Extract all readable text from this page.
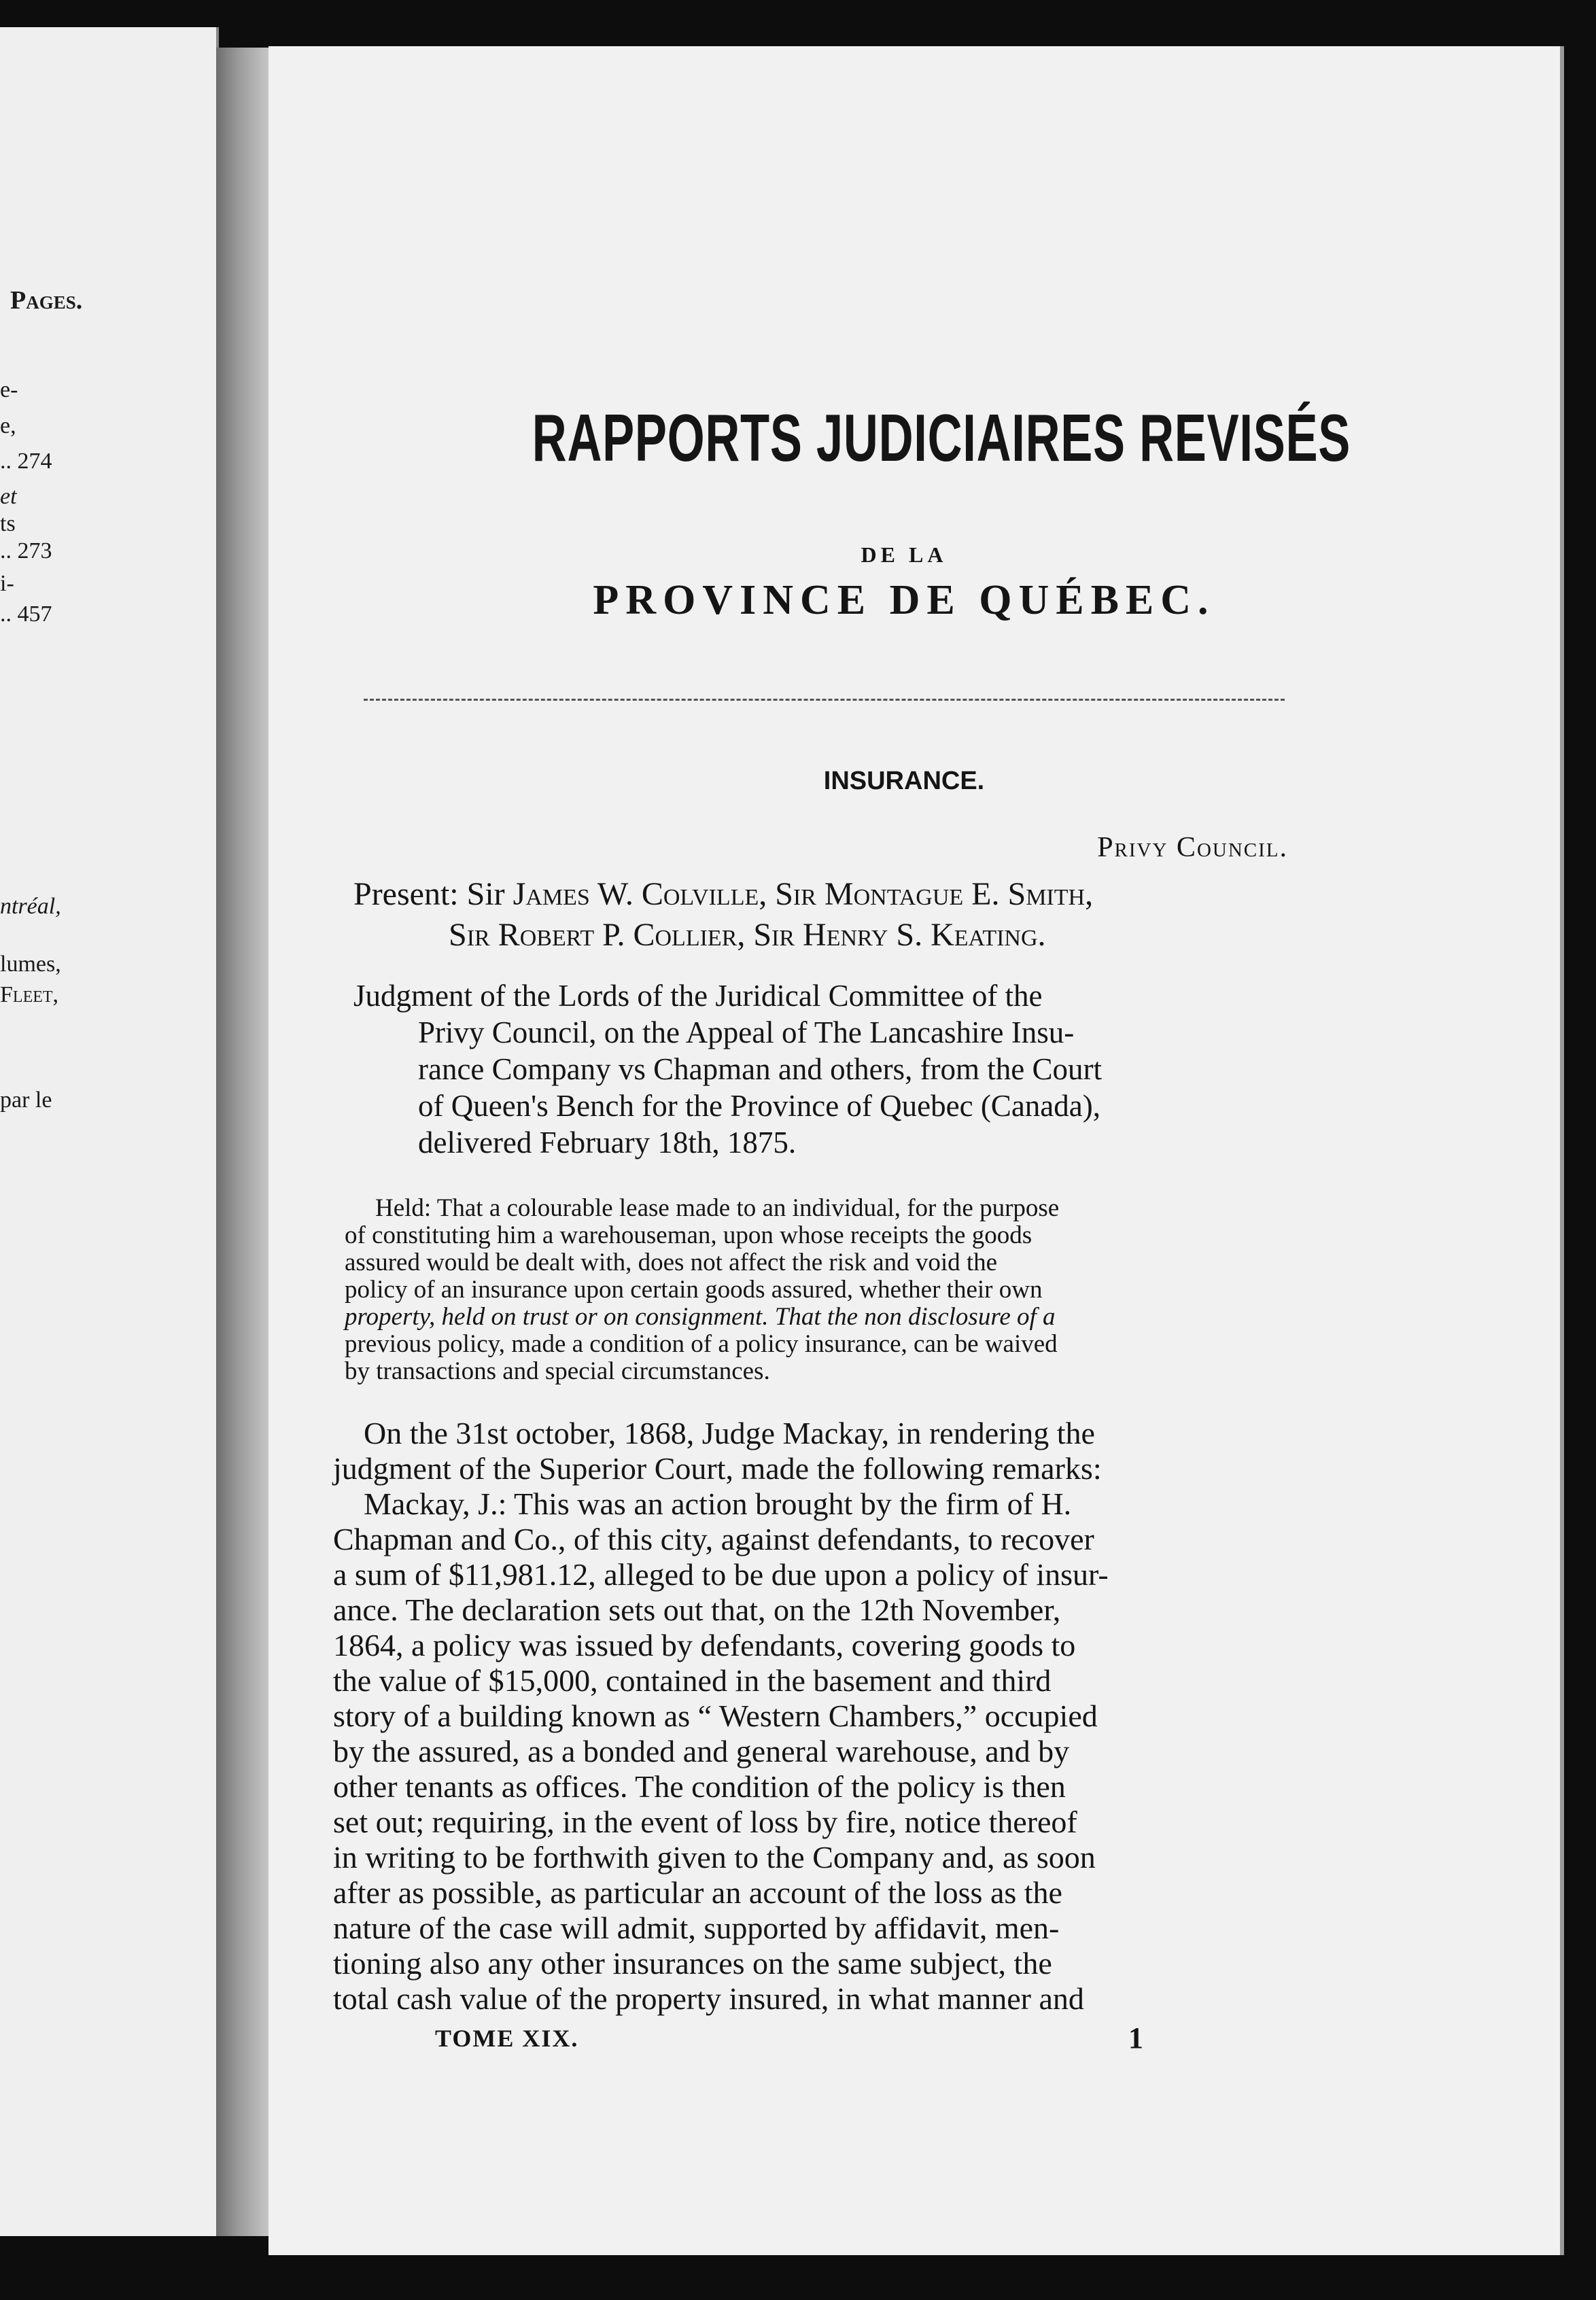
Pages.
e-
e,
.. 274
et
ts
.. 273
i-
.. 457
ntréal,
lumes,
Fleet,
par le
RAPPORTS JUDICIAIRES REVISÉS
DE LA
PROVINCE DE QUÉBEC.
INSURANCE.
Privy Council.
Present: Sir James W. Colville, Sir Montague E. Smith,
Sir Robert P. Collier, Sir Henry S. Keating.
Judgment of the Lords of the Juridical Committee of the
Privy Council, on the Appeal of The Lancashire Insu-
rance Company vs Chapman and others, from the Court
of Queen's Bench for the Province of Quebec (Canada),
delivered February 18th, 1875.
Held: That a colourable lease made to an individual, for the purpose
of constituting him a warehouseman, upon whose receipts the goods
assured would be dealt with, does not affect the risk and void the
policy of an insurance upon certain goods assured, whether their own
property, held on trust or on consignment. That the non disclosure of a
previous policy, made a condition of a policy insurance, can be waived
by transactions and special circumstances.
On the 31st october, 1868, Judge Mackay, in rendering the
judgment of the Superior Court, made the following remarks:
Mackay, J.: This was an action brought by the firm of H.
Chapman and Co., of this city, against defendants, to recover
a sum of $11,981.12, alleged to be due upon a policy of insur-
ance. The declaration sets out that, on the 12th November,
1864, a policy was issued by defendants, covering goods to
the value of $15,000, contained in the basement and third
story of a building known as “ Western Chambers,” occupied
by the assured, as a bonded and general warehouse, and by
other tenants as offices. The condition of the policy is then
set out; requiring, in the event of loss by fire, notice thereof
in writing to be forthwith given to the Company and, as soon
after as possible, as particular an account of the loss as the
nature of the case will admit, supported by affidavit, men-
tioning also any other insurances on the same subject, the
total cash value of the property insured, in what manner and
TOME XIX.	1
